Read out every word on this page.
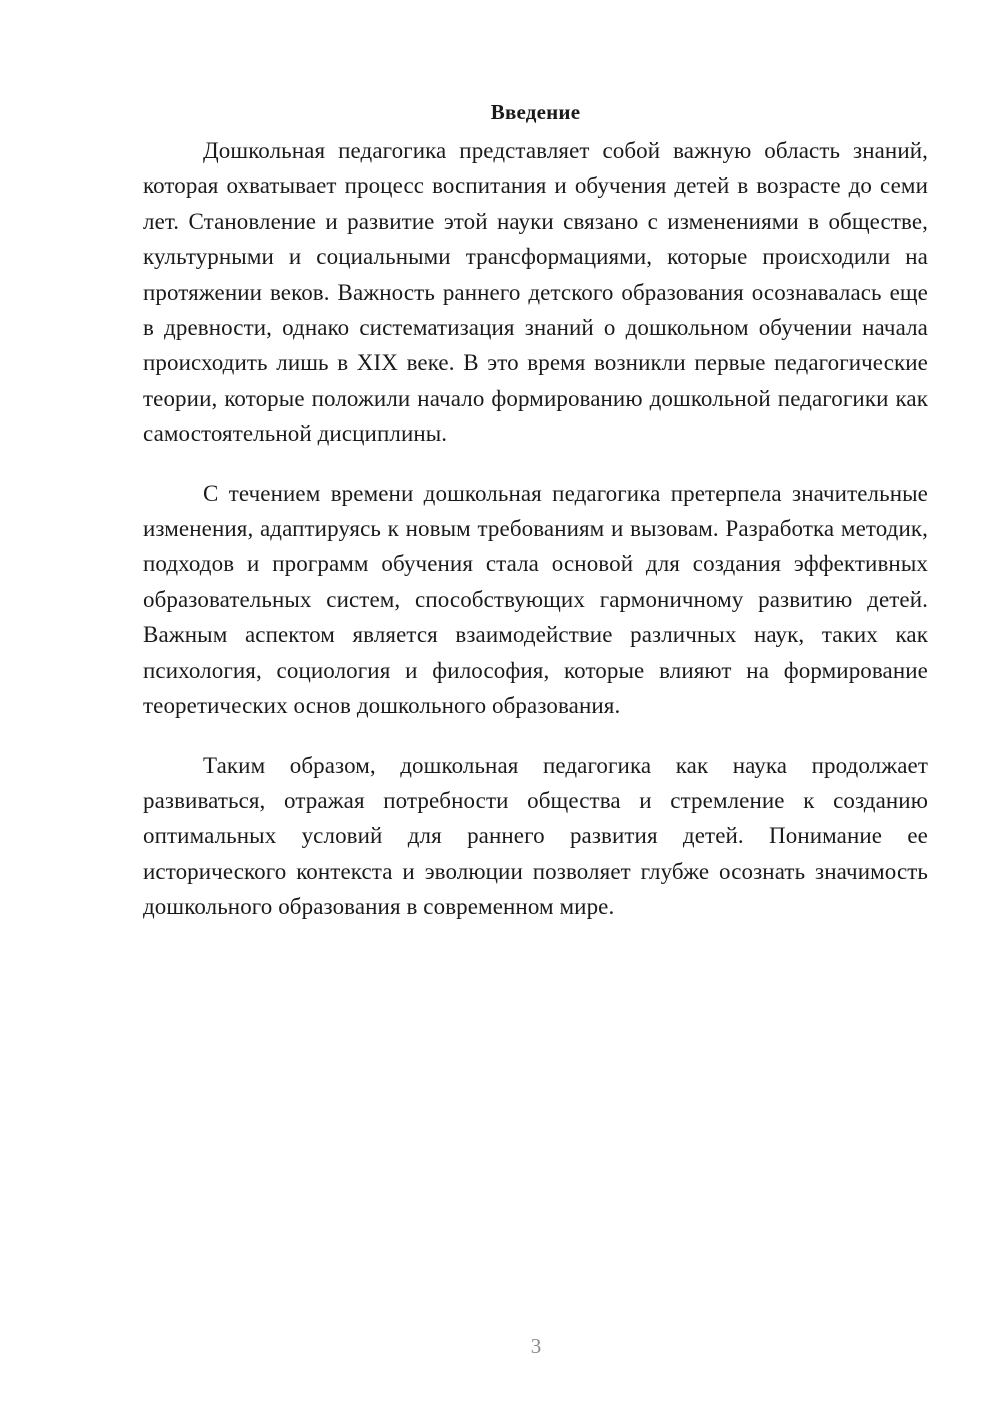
Введение

Дошкольная педагогика представляет собой важную область знаний, которая охватывает процесс воспитания и обучения детей в возрасте до семи лет. Становление и развитие этой науки связано с изменениями в обществе, культурными и социальными трансформациями, которые происходили на протяжении веков. Важность раннего детского образования осознавалась еще в древности, однако систематизация знаний о дошкольном обучении начала происходить лишь в XIX веке. В это время возникли первые педагогические теории, которые положили начало формированию дошкольной педагогики как самостоятельной дисциплины.

С течением времени дошкольная педагогика претерпела значительные изменения, адаптируясь к новым требованиям и вызовам. Разработка методик, подходов и программ обучения стала основой для создания эффективных образовательных систем, способствующих гармоничному развитию детей. Важным аспектом является взаимодействие различных наук, таких как психология, социология и философия, которые влияют на формирование теоретических основ дошкольного образования.

Таким образом, дошкольная педагогика как наука продолжает развиваться, отражая потребности общества и стремление к созданию оптимальных условий для раннего развития детей. Понимание ее исторического контекста и эволюции позволяет глубже осознать значимость дошкольного образования в современном мире.

3
